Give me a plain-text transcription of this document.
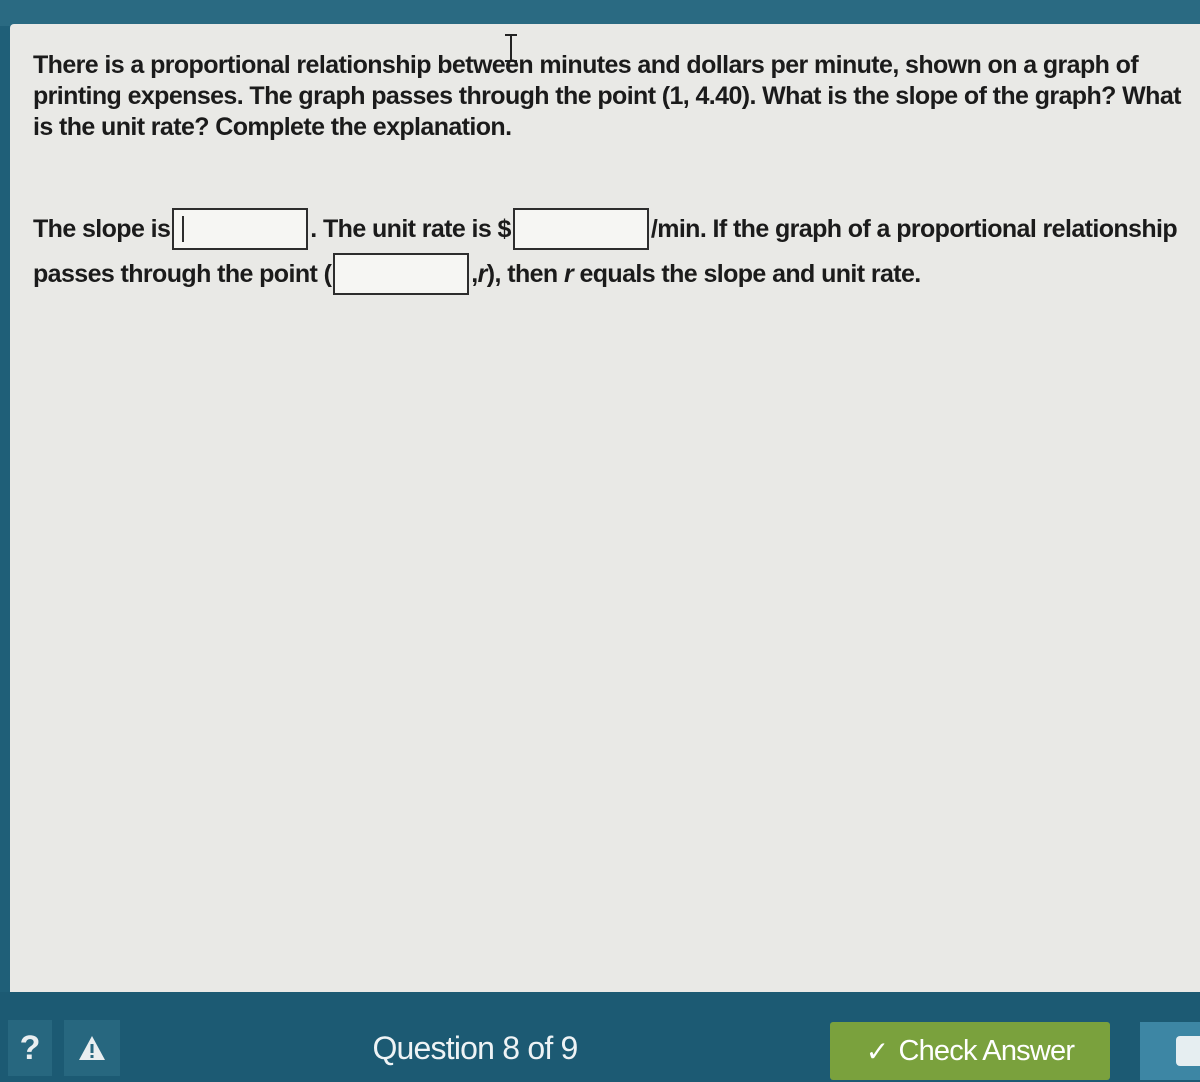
There is a proportional relationship between minutes and dollars per minute, shown on a graph of printing expenses. The graph passes through the point (1, 4.40). What is the slope of the graph? What is the unit rate? Complete the explanation.
The slope is	. The unit rate is $	/min. If the graph of a proportional relationship
passes through the point (	, r ), then
r
equals the slope and unit rate.
?	Question 8 of 9	✓ Check Answer
